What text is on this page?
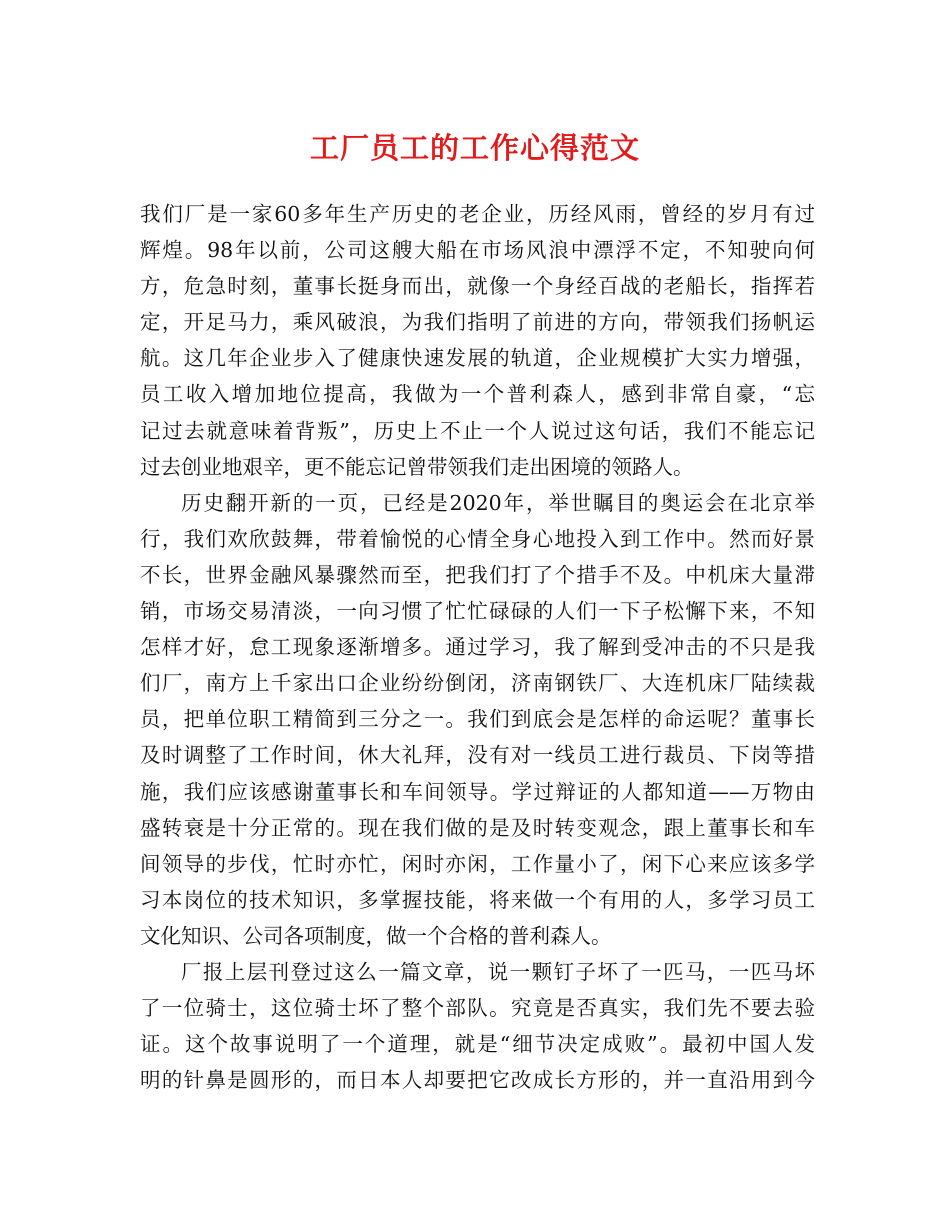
工厂员工的工作心得范文
我们厂是一家60多年生产历史的老企业，历经风雨，曾经的岁月有过
辉煌。98年以前，公司这艘大船在市场风浪中漂浮不定，不知驶向何
方，危急时刻，董事长挺身而出，就像一个身经百战的老船长，指挥若
定，开足马力，乘风破浪，为我们指明了前进的方向，带领我们扬帆运
航。这几年企业步入了健康快速发展的轨道，企业规模扩大实力增强，
员工收入增加地位提高，我做为一个普利森人，感到非常自豪，“忘
记过去就意味着背叛”，历史上不止一个人说过这句话，我们不能忘记
过去创业地艰辛，更不能忘记曾带领我们走出困境的领路人。
历史翻开新的一页，已经是2020年，举世瞩目的奥运会在北京举
行，我们欢欣鼓舞，带着愉悦的心情全身心地投入到工作中。然而好景
不长，世界金融风暴骤然而至，把我们打了个措手不及。中机床大量滞
销，市场交易清淡，一向习惯了忙忙碌碌的人们一下子松懈下来，不知
怎样才好，怠工现象逐渐增多。通过学习，我了解到受冲击的不只是我
们厂，南方上千家出口企业纷纷倒闭，济南钢铁厂、大连机床厂陆续裁
员，把单位职工精简到三分之一。我们到底会是怎样的命运呢？董事长
及时调整了工作时间，休大礼拜，没有对一线员工进行裁员、下岗等措
施，我们应该感谢董事长和车间领导。学过辩证的人都知道——万物由
盛转衰是十分正常的。现在我们做的是及时转变观念，跟上董事长和车
间领导的步伐，忙时亦忙，闲时亦闲，工作量小了，闲下心来应该多学
习本岗位的技术知识，多掌握技能，将来做一个有用的人，多学习员工
文化知识、公司各项制度，做一个合格的普利森人。
厂报上层刊登过这么一篇文章，说一颗钉子坏了一匹马，一匹马坏
了一位骑士，这位骑士坏了整个部队。究竟是否真实，我们先不要去验
证。这个故事说明了一个道理，就是“细节决定成败”。最初中国人发
明的针鼻是圆形的，而日本人却要把它改成长方形的，并一直沿用到今
